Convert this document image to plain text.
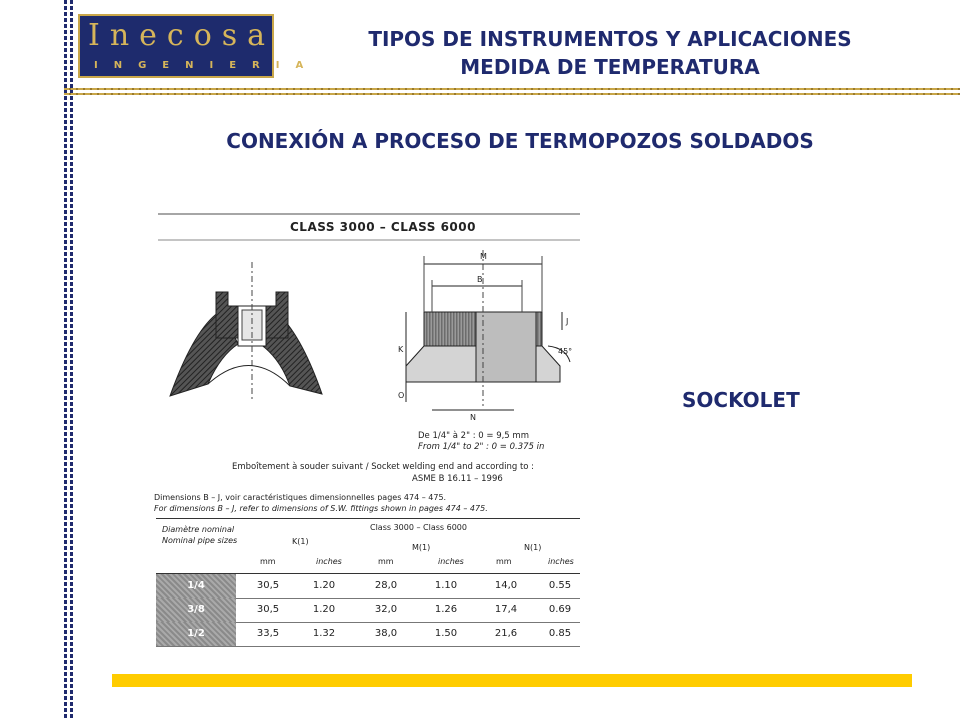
Inecosa
INGENIERIA
TIPOS DE INSTRUMENTOS Y APLICACIONES
MEDIDA DE TEMPERATURA
CONEXIÓN A PROCESO DE TERMOPOZOS SOLDADOS
SOCKOLET
M
B
J
K
O
N
45°
CLASS 3000 – CLASS 6000
De 1/4" à 2" : 0 = 9,5 mm
From 1/4" to 2" : 0 = 0.375 in
Emboîtement à souder suivant / Socket welding end and according to :
ASME B 16.11 – 1996
Dimensions B – J, voir caractéristiques dimensionnelles pages 474 – 475.
For dimensions B – J, refer to dimensions of S.W. fittings shown in pages 474 – 475.
Diamètre nominal
Nominal pipe sizes
Class 3000 – Class 6000
K(1)
M(1)	N(1)
mm	inches	mm	inches	mm	inches
1/4	30,5	1.20	28,0	1.10	14,0	0.55
3/8	30,5	1.20	32,0	1.26	17,4	0.69
1/2	33,5	1.32	38,0	1.50	21,6	0.85
